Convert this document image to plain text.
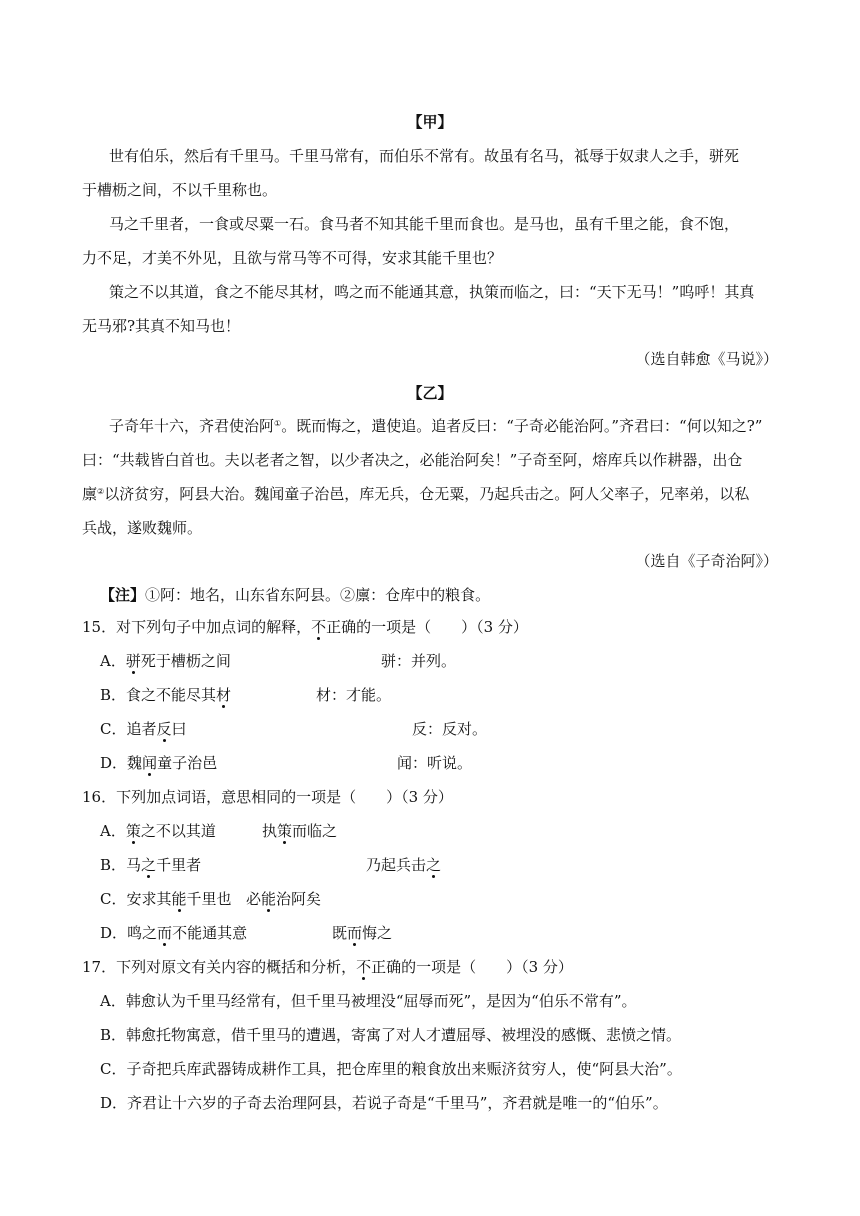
【甲】
世有伯乐，然后有千里马。千里马常有，而伯乐不常有。故虽有名马，祗辱于奴隶人之手，骈死
于槽枥之间，不以千里称也。
马之千里者，一食或尽粟一石。食马者不知其能千里而食也。是马也，虽有千里之能，食不饱，
力不足，才美不外见，且欲与常马等不可得，安求其能千里也？
策之不以其道，食之不能尽其材，鸣之而不能通其意，执策而临之，曰：“天下无马！”呜呼！其真
无马邪?其真不知马也！
（选自韩愈《马说》）
【乙】
子奇年十六，齐君使治阿①。既而悔之，遣使追。追者反曰：“子奇必能治阿。”齐君曰：“何以知之?”
曰：“共载皆白首也。夫以老者之智，以少者决之，必能治阿矣！”子奇至阿，熔库兵以作耕器，出仓
廪②以济贫穷，阿县大治。魏闻童子治邑，库无兵，仓无粟，乃起兵击之。阿人父率子，兄率弟，以私
兵战，遂败魏师。
（选自《子奇治阿》）
【注】①阿：地名，山东省东阿县。②廪：仓库中的粮食。
15．对下列句子中加点词的解释，不正确的一项是（　　）（3 分）
A．骈死于槽枥之间	骈：并列。
B．食之不能尽其材	材：才能。
C．追者反曰	反：反对。
D．魏闻童子治邑	闻：听说。
16．下列加点词语，意思相同的一项是（　　）（3 分）
A．策之不以其道	执策而临之
B．马之千里者	乃起兵击之
C．安求其能千里也 必能治阿矣
D．鸣之而不能通其意	既而悔之
17．下列对原文有关内容的概括和分析，不正确的一项是（　　）（3 分）
A．韩愈认为千里马经常有，但千里马被埋没“屈辱而死”，是因为“伯乐不常有”。
B．韩愈托物寓意，借千里马的遭遇，寄寓了对人才遭屈辱、被埋没的感慨、悲愤之情。
C．子奇把兵库武器铸成耕作工具，把仓库里的粮食放出来赈济贫穷人，使“阿县大治”。
D．齐君让十六岁的子奇去治理阿县，若说子奇是“千里马”，齐君就是唯一的“伯乐”。
